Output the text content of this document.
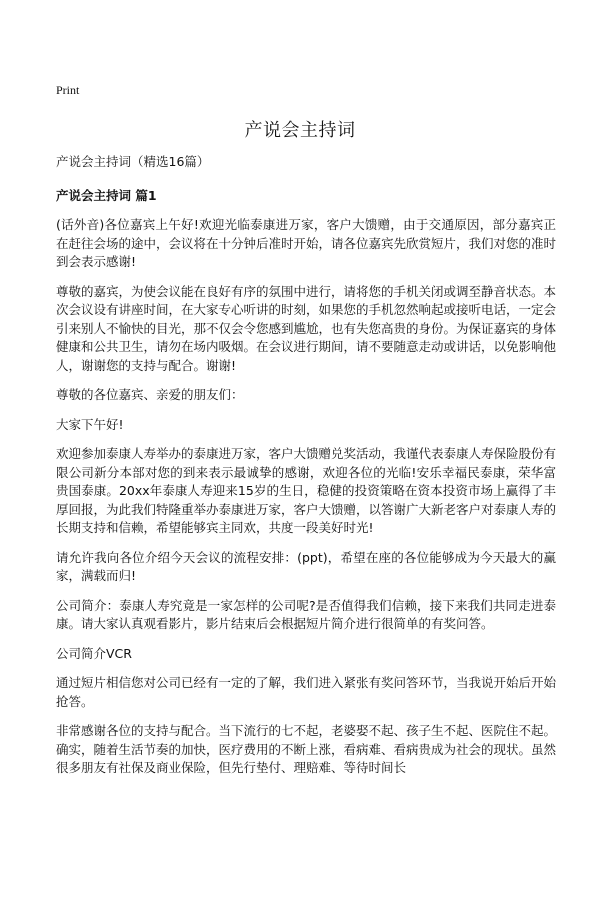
Print
产说会主持词
产说会主持词（精选16篇）
产说会主持词 篇1

(话外音)各位嘉宾上午好!欢迎光临泰康进万家，客户大馈赠，由于交通原因，部分嘉宾正在赶往会场的途中，会议将在十分钟后准时开始，请各位嘉宾先欣赏短片，我们对您的准时到会表示感谢!

尊敬的嘉宾，为使会议能在良好有序的氛围中进行，请将您的手机关闭或调至静音状态。本次会议设有讲座时间，在大家专心听讲的时刻，如果您的手机忽然响起或接听电话，一定会引来别人不愉快的目光，那不仅会令您感到尴尬，也有失您高贵的身份。为保证嘉宾的身体健康和公共卫生，请勿在场内吸烟。在会议进行期间，请不要随意走动或讲话，以免影响他人，谢谢您的支持与配合。谢谢!

尊敬的各位嘉宾、亲爱的朋友们：

大家下午好!

欢迎参加泰康人寿举办的泰康进万家，客户大馈赠兑奖活动，我谨代表泰康人寿保险股份有限公司新分本部对您的到来表示最诚挚的感谢，欢迎各位的光临!安乐幸福民泰康，荣华富贵国泰康。20xx年泰康人寿迎来15岁的生日，稳健的投资策略在资本投资市场上赢得了丰厚回报，为此我们特隆重举办泰康进万家，客户大馈赠，以答谢广大新老客户对泰康人寿的长期支持和信赖，希望能够宾主同欢，共度一段美好时光!

请允许我向各位介绍今天会议的流程安排：(ppt)，希望在座的各位能够成为今天最大的赢家，满载而归!

公司简介：泰康人寿究竟是一家怎样的公司呢?是否值得我们信赖，接下来我们共同走进泰康。请大家认真观看影片，影片结束后会根据短片简介进行很简单的有奖问答。

公司简介VCR

通过短片相信您对公司已经有一定的了解，我们进入紧张有奖问答环节，当我说开始后开始抢答。

非常感谢各位的支持与配合。当下流行的七不起，老婆娶不起、孩子生不起、医院住不起。确实，随着生活节奏的加快，医疗费用的不断上涨，看病难、看病贵成为社会的现状。虽然很多朋友有社保及商业保险，但先行垫付、理赔难、等待时间长
